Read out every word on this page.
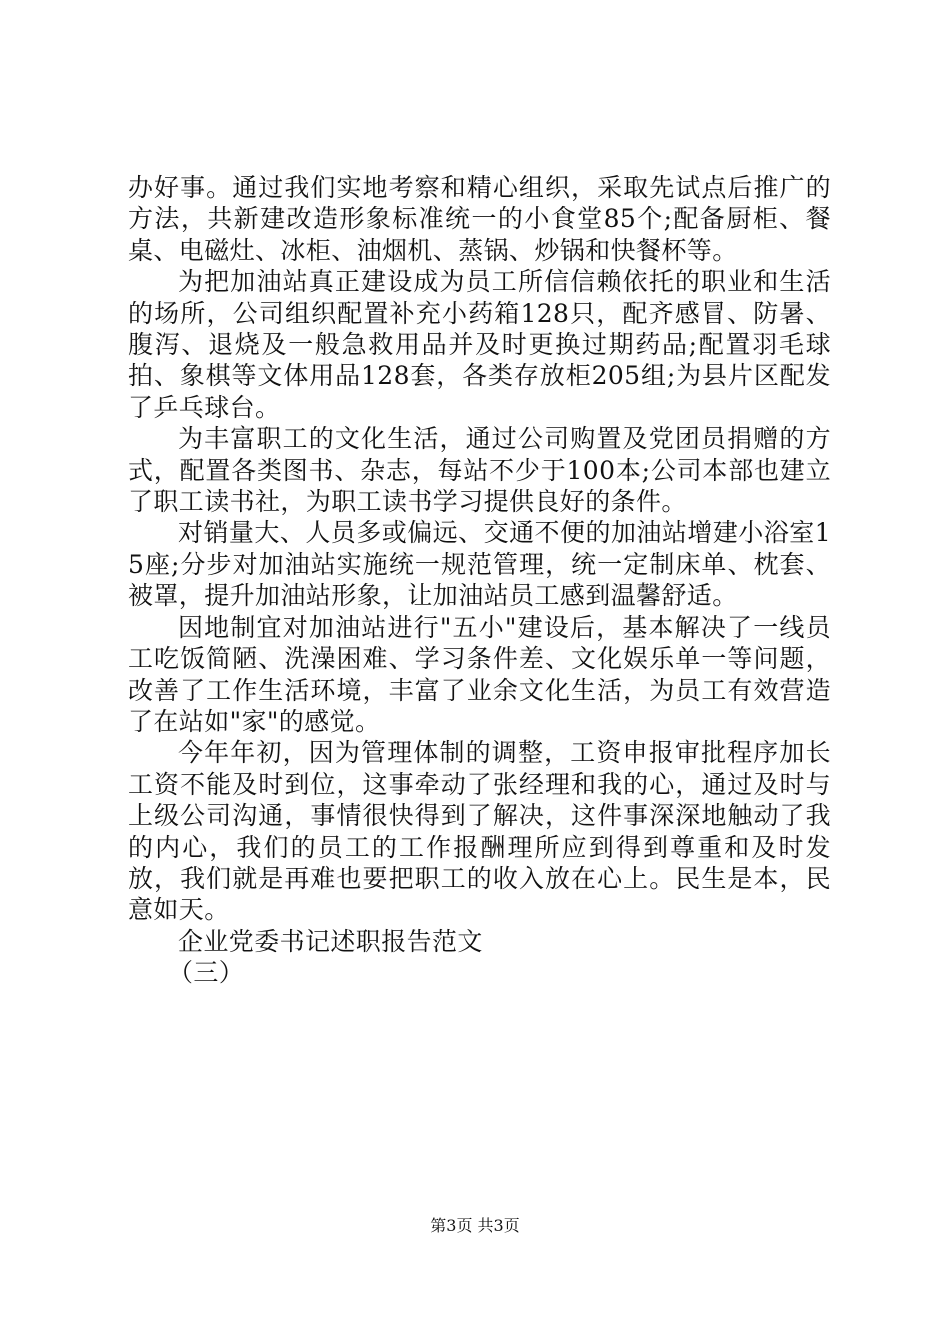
办好事。通过我们实地考察和精心组织，采取先试点后推广的方法，共新建改造形象标准统一的小食堂85个;配备厨柜、餐桌、电磁灶、冰柜、油烟机、蒸锅、炒锅和快餐杯等。

为把加油站真正建设成为员工所信信赖依托的职业和生活的场所，公司组织配置补充小药箱128只，配齐感冒、防暑、腹泻、退烧及一般急救用品并及时更换过期药品;配置羽毛球拍、象棋等文体用品128套，各类存放柜205组;为县片区配发了乒乓球台。

为丰富职工的文化生活，通过公司购置及党团员捐赠的方式，配置各类图书、杂志，每站不少于100本;公司本部也建立了职工读书社，为职工读书学习提供良好的条件。

对销量大、人员多或偏远、交通不便的加油站增建小浴室15座;分步对加油站实施统一规范管理，统一定制床单、枕套、被罩，提升加油站形象，让加油站员工感到温馨舒适。

因地制宜对加油站进行"五小"建设后，基本解决了一线员工吃饭简陋、洗澡困难、学习条件差、文化娱乐单一等问题，改善了工作生活环境，丰富了业余文化生活，为员工有效营造了在站如"家"的感觉。

今年年初，因为管理体制的调整，工资申报审批程序加长工资不能及时到位，这事牵动了张经理和我的心，通过及时与上级公司沟通，事情很快得到了解决，这件事深深地触动了我的内心，我们的员工的工作报酬理所应到得到尊重和及时发放，我们就是再难也要把职工的收入放在心上。民生是本，民意如天。

企业党委书记述职报告范文

（三）

第3页 共3页
